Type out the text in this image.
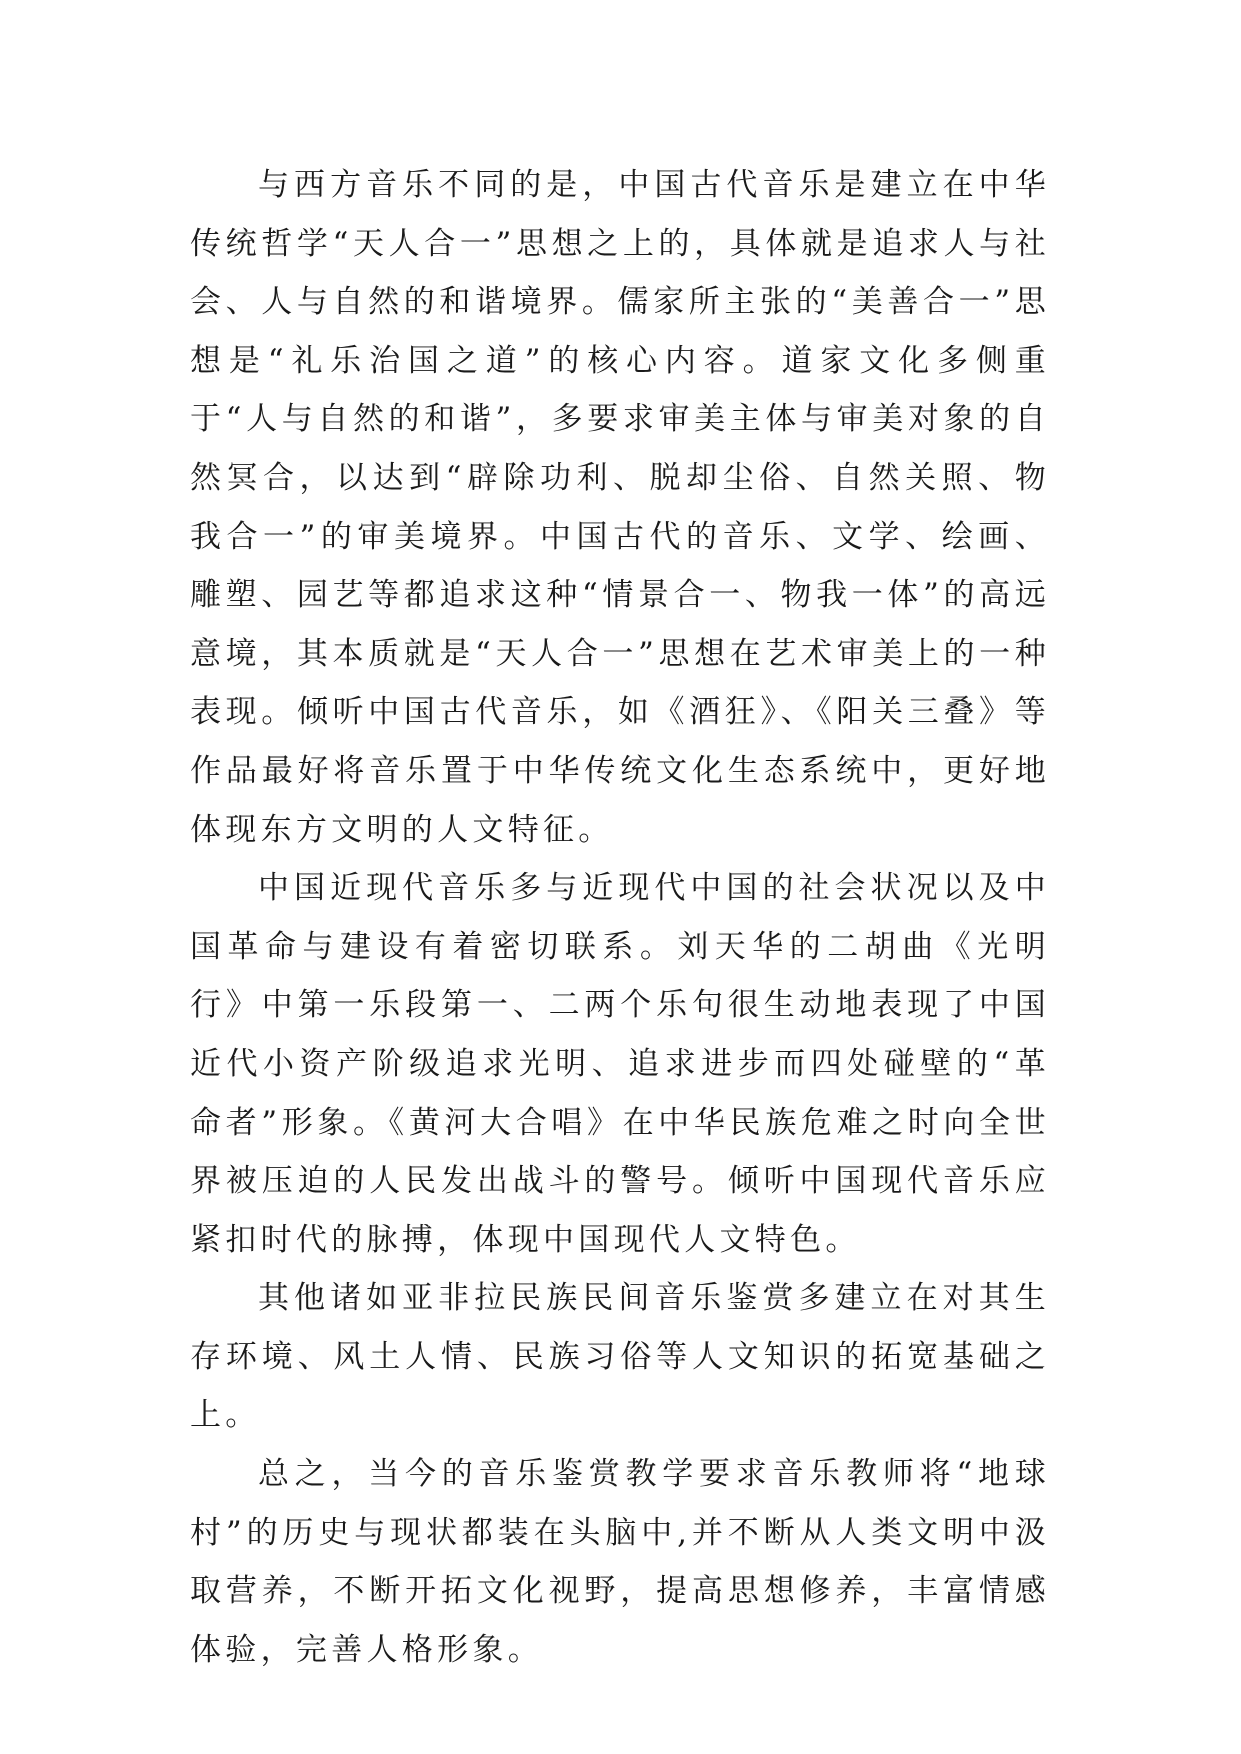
与西方音乐不同的是，中国古代音乐是建立在中华传统哲学“天人合一”思想之上的，具体就是追求人与社会、人与自然的和谐境界。儒家所主张的“美善合一”思想是“礼乐治国之道”的核心内容。道家文化多侧重于“人与自然的和谐”，多要求审美主体与审美对象的自然冥合，以达到“辟除功利、脱却尘俗、自然关照、物我合一”的审美境界。中国古代的音乐、文学、绘画、雕塑、园艺等都追求这种“情景合一、物我一体”的高远意境，其本质就是“天人合一”思想在艺术审美上的一种表现。倾听中国古代音乐，如《酒狂》、《阳关三叠》等作品最好将音乐置于中华传统文化生态系统中，更好地体现东方文明的人文特征。

中国近现代音乐多与近现代中国的社会状况以及中国革命与建设有着密切联系。刘天华的二胡曲《光明行》中第一乐段第一、二两个乐句很生动地表现了中国近代小资产阶级追求光明、追求进步而四处碰壁的“革命者”形象。《黄河大合唱》在中华民族危难之时向全世界被压迫的人民发出战斗的警号。倾听中国现代音乐应紧扣时代的脉搏，体现中国现代人文特色。

其他诸如亚非拉民族民间音乐鉴赏多建立在对其生存环境、风土人情、民族习俗等人文知识的拓宽基础之上。

总之，当今的音乐鉴赏教学要求音乐教师将“地球村”的历史与现状都装在头脑中,并不断从人类文明中汲取营养，不断开拓文化视野，提高思想修养，丰富情感体验，完善人格形象。
